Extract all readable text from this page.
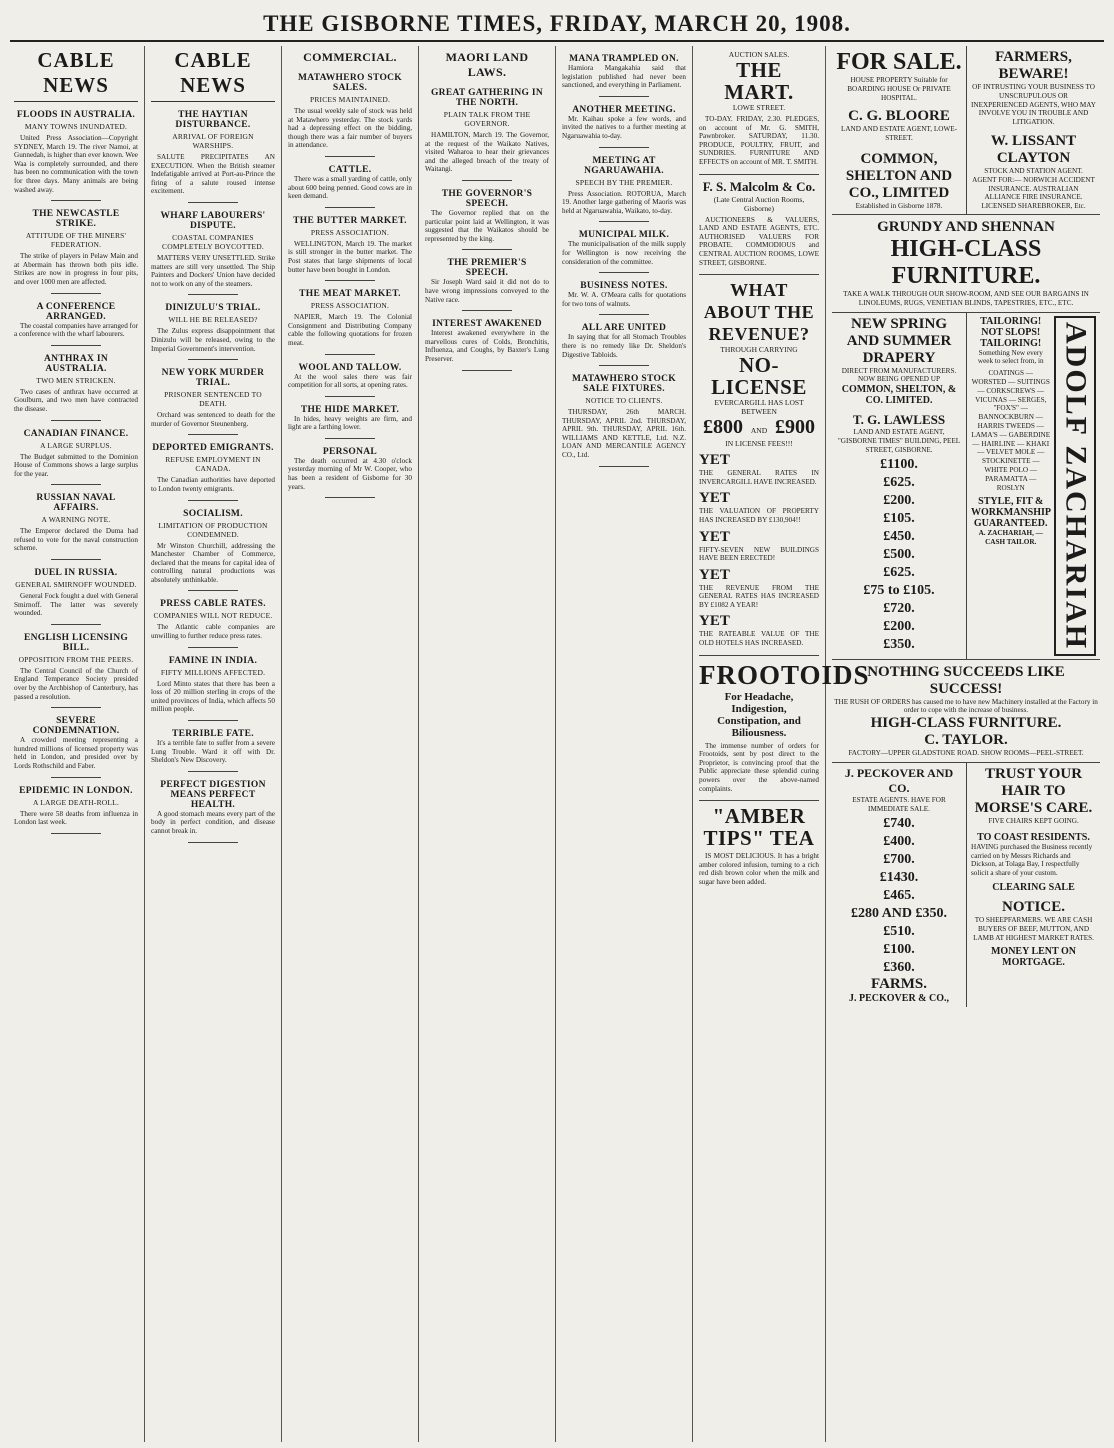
THE GISBORNE TIMES, FRIDAY, MARCH 20, 1908.
CABLE NEWS
FLOODS IN AUSTRALIA.
MANY TOWNS INUNDATED.

United Press Association—Copyright SYDNEY, March 19. The river Namoi, at Gunnedah, is higher than ever known. Wee Waa is completely surrounded, and there has been no communication with the town for three days. Many animals are being washed away.

THE NEWCASTLE STRIKE.
ATTITUDE OF THE MINERS' FEDERATION.

The strike of players in Pelaw Main and at Abermain has thrown both pits idle. Strikes are now in progress in four pits, and over 1000 men are affected.

A CONFERENCE ARRANGED.

The coastal companies have arranged for a conference with the wharf labourers.

ANTHRAX IN AUSTRALIA.
TWO MEN STRICKEN.

Two cases of anthrax have occurred at Goulburn, and two men have contracted the disease.

CANADIAN FINANCE.
A LARGE SURPLUS.

The Budget submitted to the Dominion House of Commons shows a large surplus for the year.

RUSSIAN NAVAL AFFAIRS.
A WARNING NOTE.

The Emperor declared the Duma had refused to vote for the naval construction scheme.

DUEL IN RUSSIA.
GENERAL SMIRNOFF WOUNDED.

General Fock fought a duel with General Smirnoff. The latter was severely wounded.

ENGLISH LICENSING BILL.
OPPOSITION FROM THE PEERS.

The Central Council of the Church of England Temperance Society presided over by the Archbishop of Canterbury, has passed a resolution.

SEVERE CONDEMNATION.

A crowded meeting representing a hundred millions of licensed property was held in London, and presided over by Lords Rothschild and Faber.

EPIDEMIC IN LONDON.
A LARGE DEATH-ROLL.

There were 58 deaths from influenza in London last week.

CABLE NEWS
THE HAYTIAN DISTURBANCE.
ARRIVAL OF FOREIGN WARSHIPS.

SALUTE PRECIPITATES AN EXECUTION. When the British steamer Indefatigable arrived at Port-au-Prince the firing of a salute roused intense excitement.

WHARF LABOURERS' DISPUTE.
COASTAL COMPANIES COMPLETELY BOYCOTTED.

MATTERS VERY UNSETTLED. Strike matters are still very unsettled. The Ship Painters and Dockers' Union have decided not to work on any of the steamers.

DINIZULU'S TRIAL.
WILL HE BE RELEASED?

The Zulus express disappointment that Dinizulu will be released, owing to the Imperial Government's intervention.

NEW YORK MURDER TRIAL.
PRISONER SENTENCED TO DEATH.

Orchard was sentenced to death for the murder of Governor Steunenberg.

DEPORTED EMIGRANTS.
REFUSE EMPLOYMENT IN CANADA.

The Canadian authorities have deported to London twenty emigrants.

SOCIALISM.
LIMITATION OF PRODUCTION CONDEMNED.

Mr Winston Churchill, addressing the Manchester Chamber of Commerce, declared that the means for capital idea of controlling natural productions was absolutely unthinkable.

PRESS CABLE RATES.
COMPANIES WILL NOT REDUCE.

The Atlantic cable companies are unwilling to further reduce press rates.

FAMINE IN INDIA.
FIFTY MILLIONS AFFECTED.

Lord Minto states that there has been a loss of 20 million sterling in crops of the united provinces of India, which affects 50 million people.

TERRIBLE FATE.

It's a terrible fate to suffer from a severe Lung Trouble. Ward it off with Dr. Sheldon's New Discovery.

PERFECT DIGESTION MEANS PERFECT HEALTH.

A good stomach means every part of the body in perfect condition, and disease cannot break in.

COMMERCIAL.
MATAWHERO STOCK SALES.
PRICES MAINTAINED.

The usual weekly sale of stock was held at Matawhero yesterday. The stock yards had a depressing effect on the bidding, though there was a fair number of buyers in attendance.

CATTLE.

There was a small yarding of cattle, only about 600 being penned. Good cows are in keen demand.

THE BUTTER MARKET.
PRESS ASSOCIATION.

WELLINGTON, March 19. The market is still stronger in the butter market. The Post states that large shipments of local butter have been bought in London.

THE MEAT MARKET.
PRESS ASSOCIATION.

NAPIER, March 19. The Colonial Consignment and Distributing Company cable the following quotations for frozen meat.

WOOL AND TALLOW.

At the wool sales there was fair competition for all sorts, at opening rates.

THE HIDE MARKET.

In hides, heavy weights are firm, and light are a farthing lower.

PERSONAL

The death occurred at 4.30 o'clock yesterday morning of Mr W. Cooper, who has been a resident of Gisborne for 30 years.

MAORI LAND LAWS.
GREAT GATHERING IN THE NORTH.
PLAIN TALK FROM THE GOVERNOR.

HAMILTON, March 19. The Governor, at the request of the Waikato Natives, visited Waharoa to hear their grievances and the alleged breach of the treaty of Waitangi.

THE GOVERNOR'S SPEECH.

The Governor replied that on the particular point laid at Wellington, it was suggested that the Waikatos should be represented by the king.

THE PREMIER'S SPEECH.

Sir Joseph Ward said it did not do to have wrong impressions conveyed to the Native race.

INTEREST AWAKENED

Interest awakened everywhere in the marvellous cures of Colds, Bronchitis, Influenza, and Coughs, by Baxter's Lung Preserver.

MANA TRAMPLED ON.

Hamiora Mangakahia said that legislation published had never been sanctioned, and everything in Parliament.

ANOTHER MEETING.

Mr. Kaihau spoke a few words, and invited the natives to a further meeting at Ngaruawahia to-day.

MEETING AT NGARUAWAHIA.
SPEECH BY THE PREMIER.

Press Association. ROTORUA, March 19. Another large gathering of Maoris was held at Ngaruawahia, Waikato, to-day.

MUNICIPAL MILK.

The municipalisation of the milk supply for Wellington is now receiving the consideration of the committee.

BUSINESS NOTES.

Mr. W. A. O'Meara calls for quotations for two tons of walnuts.

ALL ARE UNITED

In saying that for all Stomach Troubles there is no remedy like Dr. Sheldon's Digestive Tabloids.

MATAWHERO STOCK SALE FIXTURES.
NOTICE TO CLIENTS.

THURSDAY, 26th MARCH. THURSDAY, APRIL 2nd. THURSDAY, APRIL 9th. THURSDAY, APRIL 16th. WILLIAMS AND KETTLE, Ltd. N.Z. LOAN AND MERCANTILE AGENCY CO., Ltd.

AUCTION SALES.
THE MART.
LOWE STREET.

TO-DAY. FRIDAY, 2.30. PLEDGES, on account of Mr. G. SMITH, Pawnbroker. SATURDAY, 11.30. PRODUCE, POULTRY, FRUIT, and SUNDRIES. FURNITURE AND EFFECTS on account of MR. T. SMITH.

F. S. Malcolm & Co.
(Late Central Auction Rooms, Gisborne)

AUCTIONEERS & VALUERS, LAND AND ESTATE AGENTS, ETC. AUTHORISED VALUERS FOR PROBATE. COMMODIOUS and CENTRAL AUCTION ROOMS, LOWE STREET, GISBORNE.

WHAT ABOUT THE REVENUE?
THROUGH CARRYING
NO-LICENSE
EVERCARGILL HAS LOST BETWEEN
£800 AND £900
IN LICENSE FEES!!!
YET

THE GENERAL RATES IN INVERCARGILL HAVE INCREASED.

YET

THE VALUATION OF PROPERTY HAS INCREASED BY £130,904!!

YET

FIFTY-SEVEN NEW BUILDINGS HAVE BEEN ERECTED!

YET

THE REVENUE FROM THE GENERAL RATES HAS INCREASED BY £1082 A YEAR!

YET

THE RATEABLE VALUE OF THE OLD HOTELS HAS INCREASED.

FROOTOIDS
For Headache, Indigestion, Constipation, and Biliousness.

The immense number of orders for Frootoids, sent by post direct to the Proprietor, is convincing proof that the Public appreciate these splendid curing powers over the above-named complaints.

"AMBER TIPS" TEA

IS MOST DELICIOUS. It has a bright amber colored infusion, turning to a rich red dish brown color when the milk and sugar have been added.

FOR SALE.

HOUSE PROPERTY Suitable for BOARDING HOUSE Or PRIVATE HOSPITAL.

C. G. BLOORE

LAND AND ESTATE AGENT, LOWE-STREET.

COMMON, SHELTON AND CO., LIMITED

Established in Gisborne 1878.

FARMERS, BEWARE!

OF INTRUSTING YOUR BUSINESS TO UNSCRUPULOUS OR INEXPERIENCED AGENTS, WHO MAY INVOLVE YOU IN TROUBLE AND LITIGATION.

W. LISSANT CLAYTON

STOCK AND STATION AGENT.

AGENT FOR:— NORWICH ACCIDENT INSURANCE. AUSTRALIAN ALLIANCE FIRE INSURANCE. LICENSED SHAREBROKER, Etc.

GRUNDY AND SHENNAN
HIGH-CLASS FURNITURE.

TAKE A WALK THROUGH OUR SHOW-ROOM, AND SEE OUR BARGAINS IN LINOLEUMS, RUGS, VENETIAN BLINDS, TAPESTRIES, ETC., ETC.

NEW SPRING AND SUMMER DRAPERY

DIRECT FROM MANUFACTURERS. NOW BEING OPENED UP

COMMON, SHELTON, & CO. LIMITED.
T. G. LAWLESS

LAND AND ESTATE AGENT, "GISBORNE TIMES" BUILDING, PEEL STREET, GISBORNE.

£1100.
£625.
£200.
£105.
£450.
£500.
£625.
£75 to £105.
£720.
£200.
£350.
TAILORING! NOT SLOPS! TAILORING!

Something New every week to select from, in

COATINGS — WORSTED — SUITINGS — CORKSCREWS — VICUNAS — SERGES, "FOX'S" — BANNOCKBURN — HARRIS TWEEDS — LAMA'S — GABERDINE — HAIRLINE — KHAKI — VELVET MOLE — STOCKINETTE — WHITE POLO — PARAMATTA — ROSLYN

STYLE, FIT & WORKMANSHIP GUARANTEED.
A. ZACHARIAH, — CASH TAILOR. ADOLF ZACHARIAH
NOTHING SUCCEEDS LIKE SUCCESS!

THE RUSH OF ORDERS has caused me to have new Machinery installed at the Factory in order to cope with the increase of business.

HIGH-CLASS FURNITURE.
C. TAYLOR.

FACTORY—UPPER GLADSTONE ROAD. SHOW ROOMS—PEEL-STREET.

J. PECKOVER AND CO.

ESTATE AGENTS. HAVE FOR IMMEDIATE SALE.

£740.
£400.
£700.
£1430.
£465.
£280 AND £350.
£510.
£100.
£360.
FARMS.
J. PECKOVER & CO.,
TRUST YOUR HAIR TO MORSE'S CARE.

FIVE CHAIRS KEPT GOING.

TO COAST RESIDENTS.

HAVING purchased the Business recently carried on by Messrs Richards and Dickson, at Tolaga Bay, I respectfully solicit a share of your custom.

CLEARING SALE
NOTICE.

TO SHEEPFARMERS. WE ARE CASH BUYERS OF BEEF, MUTTON, AND LAMB AT HIGHEST MARKET RATES.

MONEY LENT ON MORTGAGE.
